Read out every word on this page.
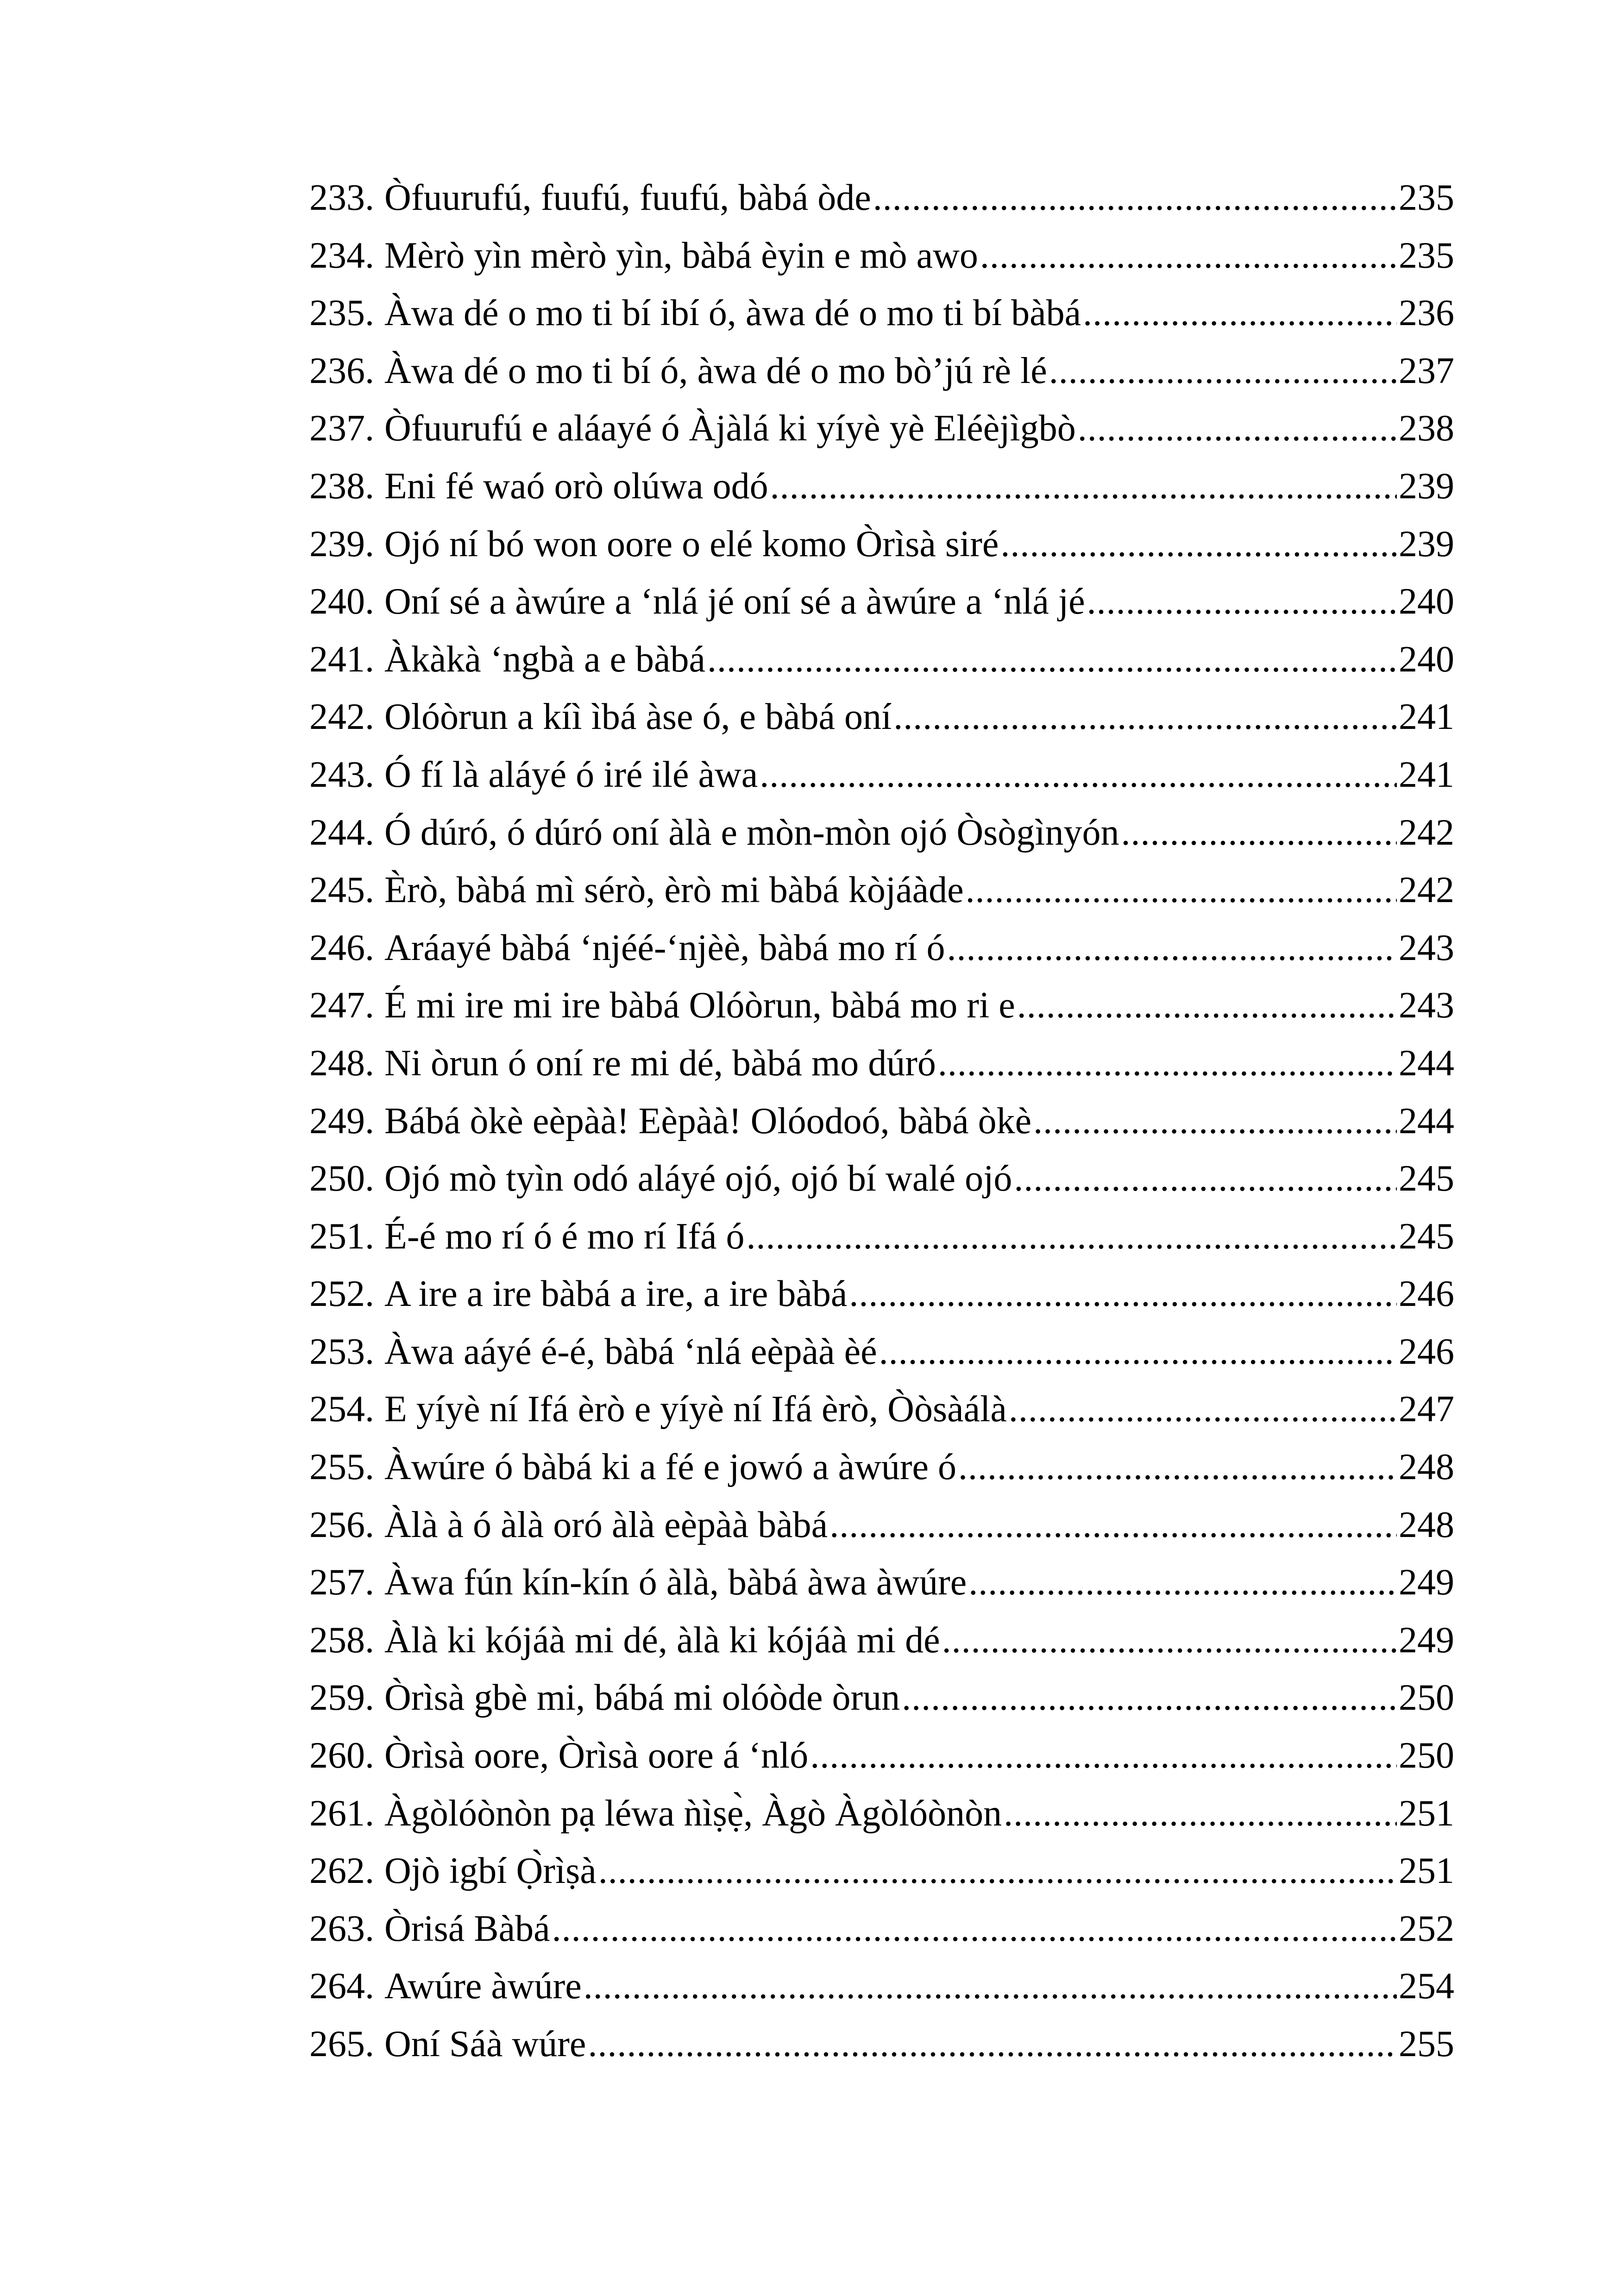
233. Òfuurufú, fuufú, fuufú, bàbá òde .....	235
234. Mèrò yìn mèrò yìn, bàbá èyin e mò awo .....	235
235. Àwa dé o mo ti bí ibí ó, àwa dé o mo ti bí bàbá .....	236
236. Àwa dé o mo ti bí ó, àwa dé o mo bò’jú rè lé .....	237
237. Òfuurufú e aláayé ó Àjàlá ki yíyè yè Eléèjìgbò .....	238
238. Eni fé waó orò olúwa odó .....	239
239. Ojó ní bó won oore o elé komo Òrìsà siré .....	239
240. Oní sé a àwúre a ‘nlá jé oní sé a àwúre a ‘nlá jé .....	240
241. Àkàkà ‘ngbà a e bàbá .....	240
242. Olóòrun a kíì ìbá àse ó, e bàbá oní .....	241
243. Ó fí là aláyé ó iré ilé àwa .....	241
244. Ó dúró, ó dúró oní àlà e mòn-mòn ojó Òsògìnyón .....	242
245. Èrò, bàbá mì sérò, èrò mi bàbá kòjáàde .....	242
246. Aráayé bàbá ‘njéé-‘njèè, bàbá mo rí ó .....	243
247. É mi ire mi ire bàbá Olóòrun, bàbá mo ri e .....	243
248. Ni òrun ó oní re mi dé, bàbá mo dúró .....	244
249. Bábá òkè eèpàà! Eèpàà! Olóodoó, bàbá òkè .....	244
250. Ojó mò tyìn odó aláyé ojó, ojó bí walé ojó .....	245
251. É-é mo rí ó é mo rí Ifá ó .....	245
252. A ire a ire bàbá a ire, a ire bàbá .....	246
253. Àwa aáyé é-é, bàbá ‘nlá eèpàà èé .....	246
254. E yíyè ní Ifá èrò e yíyè ní Ifá èrò, Òòsàálà .....	247
255. Àwúre ó bàbá ki a fé e jowó a àwúre ó .....	248
256. Àlà à ó àlà oró àlà eèpàà bàbá .....	248
257. Àwa fún kín-kín ó àlà, bàbá àwa àwúre .....	249
258. Àlà ki kójáà mi dé, àlà ki kójáà mi dé .....	249
259. Òrìsà gbè mi, bábá mi olóòde òrun .....	250
260. Òrìsà oore, Òrìsà oore á ‘nló .....	250
261. Àgòlóònòn pạ léwa ǹìṣẹ̀, Àgò Àgòlóònòn .....	251
262. Ojò igbí Ọ̀rìṣà .....	251
263. Òrisá Bàbá .....	252
264. Awúre àwúre .....	254
265. Oní Sáà wúre .....	255
